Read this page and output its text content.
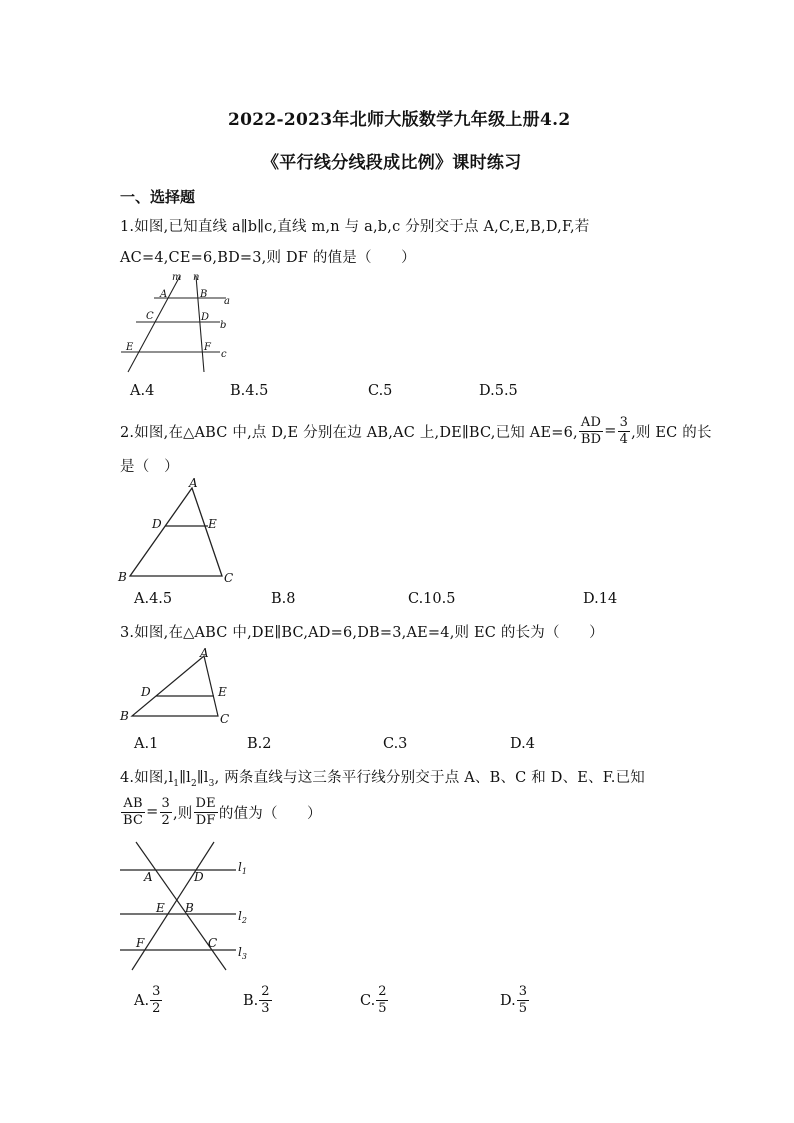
2022-2023年北师大版数学九年级上册4.2
《平行线分线段成比例》课时练习
一、选择题
1.如图,已知直线 a∥b∥c,直线 m,n 与 a,b,c 分别交于点 A,C,E,B,D,F,若
AC=4,CE=6,BD=3,则 DF 的值是（　　）
m n
A	B
a
C	D
b
E	F
c
A.4	B.4.5	C.5	D.5.5
2.如图,在△ABC 中,点 D,E 分别在边 AB,AC 上,DE∥BC,已知 AE=6, $\frac{AD}{BD} = \frac{3}{4}$ ,则 EC 的长
是（　）
A
D	E
B	C
A.4.5	B.8	C.10.5	D.14
3.如图,在△ABC 中,DE∥BC,AD=6,DB=3,AE=4,则 EC 的长为（　　）
A
D	E
B	C
A.1	B.2	C.3	D.4
4.如图$,l_1\parallel l_2\parallel l_3$, 两条直线与这三条平行线分别交于点 A、B、C 和 D、E、F.已知
$\frac{AB}{BC} = \frac{3}{2}$ ,则 $\frac{DE}{DF}$ 的值为（　　）
$l_1$
A	D
E B
$l_2$
F	C
$l_3$
A. $\frac{3}{2}$	B. $\frac{2}{3}$	C. $\frac{2}{5}$	D. $\frac{3}{5}$
